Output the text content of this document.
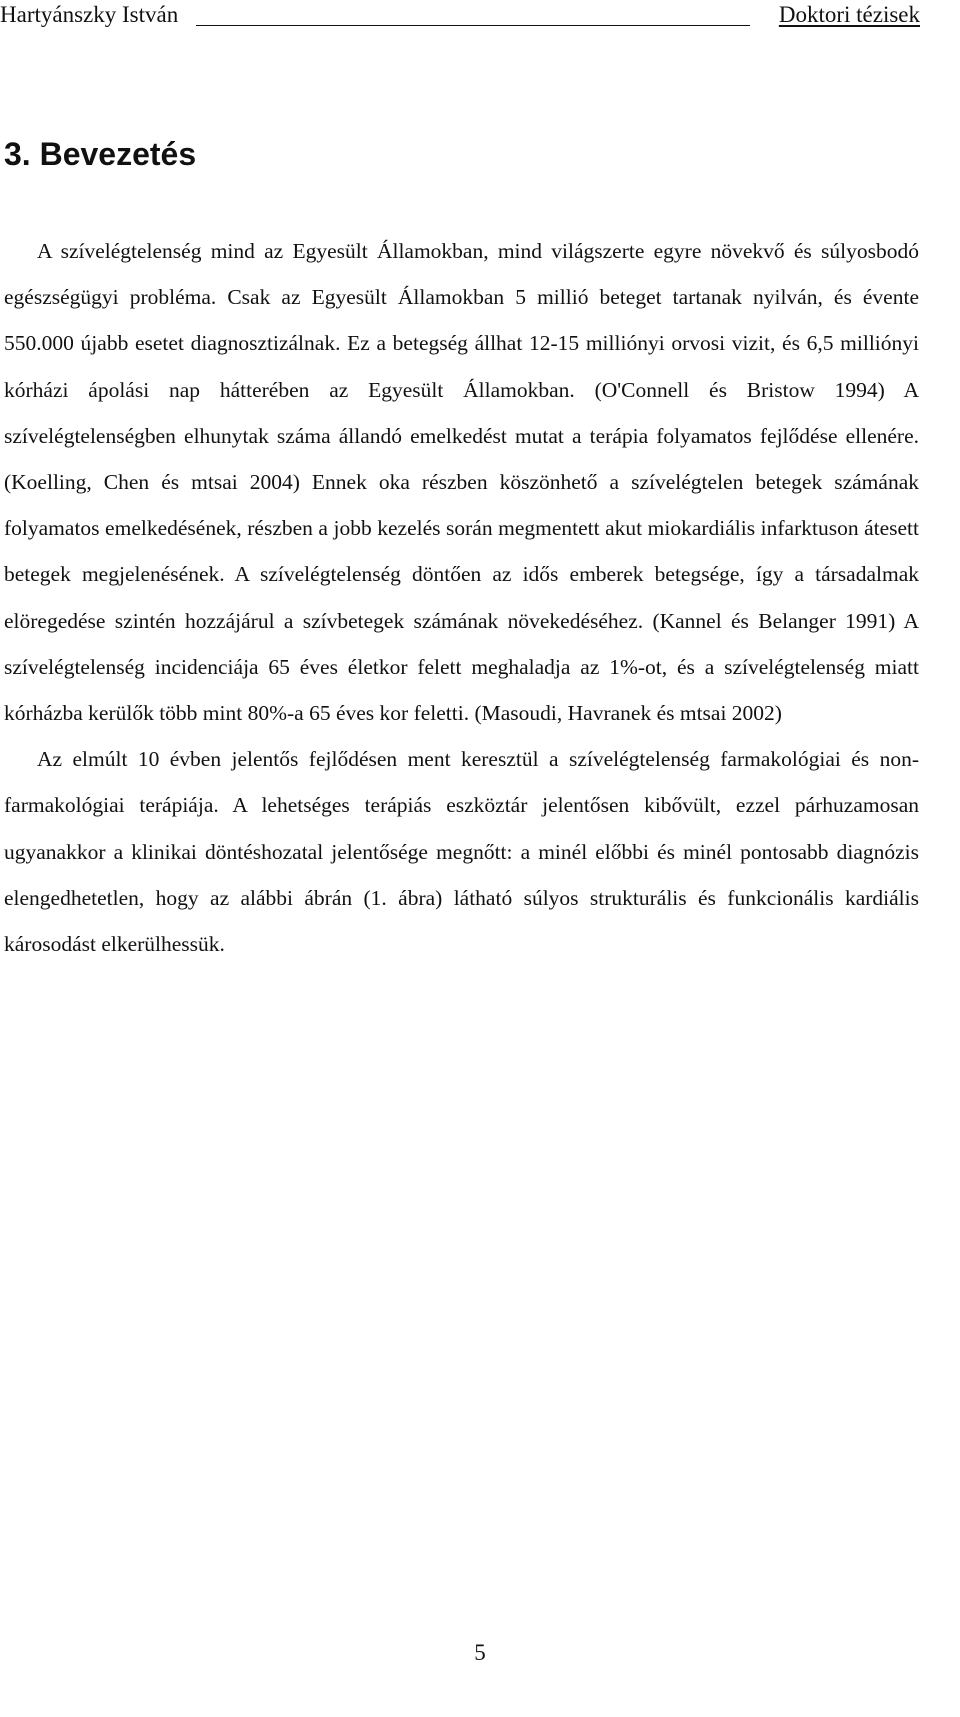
Hartyánszky István	Doktori tézisek
3. Bevezetés

A szívelégtelenség mind az Egyesült Államokban, mind világszerte egyre növekvő és súlyosbodó egészségügyi probléma. Csak az Egyesült Államokban 5 millió beteget tartanak nyilván, és évente 550.000 újabb esetet diagnosztizálnak. Ez a betegség állhat 12-15 milliónyi orvosi vizit, és 6,5 milliónyi kórházi ápolási nap hátterében az Egyesült Államokban. (O'Connell és Bristow 1994) A szívelégtelenségben elhunytak száma állandó emelkedést mutat a terápia folyamatos fejlődése ellenére. (Koelling, Chen és mtsai 2004) Ennek oka részben köszönhető a szívelégtelen betegek számának folyamatos emelkedésének, részben a jobb kezelés során megmentett akut miokardiális infarktuson átesett betegek megjelenésének. A szívelégtelenség döntően az idős emberek betegsége, így a társadalmak elöregedése szintén hozzájárul a szívbetegek számának növekedéséhez. (Kannel és Belanger 1991) A szívelégtelenség incidenciája 65 éves életkor felett meghaladja az 1%-ot, és a szívelégtelenség miatt kórházba kerülők több mint 80%-a 65 éves kor feletti. (Masoudi, Havranek és mtsai 2002)

Az elmúlt 10 évben jelentős fejlődésen ment keresztül a szívelégtelenség farmakológiai és non-farmakológiai terápiája. A lehetséges terápiás eszköztár jelentősen kibővült, ezzel párhuzamosan ugyanakkor a klinikai döntéshozatal jelentősége megnőtt: a minél előbbi és minél pontosabb diagnózis elengedhetetlen, hogy az alábbi ábrán (1. ábra) látható súlyos strukturális és funkcionális kardiális károsodást elkerülhessük.

5
